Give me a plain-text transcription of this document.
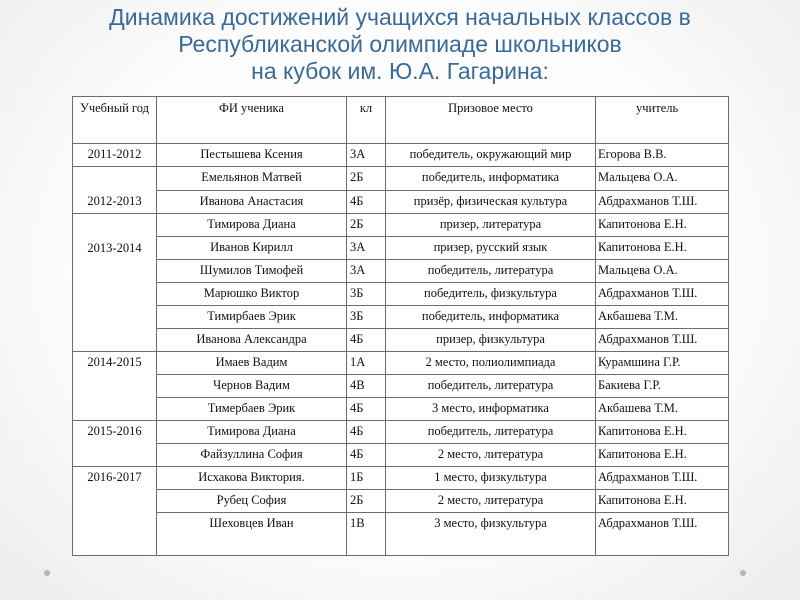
Динамика достижений учащихся начальных классов в
Республиканской олимпиаде школьников
на кубок им. Ю.А. Гагарина:
Учебный год	ФИ ученика	кл	Призовое место	учитель
2011-2012	Пестышева Ксения	3А	победитель, окружающий мир	Егорова В.В.
2012-2013	Емельянов Матвей	2Б	победитель, информатика	Мальцева О.А.
	Иванова Анастасия	4Б	призёр, физическая культура	Абдрахманов Т.Ш.
2013-2014	Тимирова Диана	2Б	призер, литература	Капитонова Е.Н.
	Иванов Кирилл	3А	призер, русский язык	Капитонова Е.Н.
	Шумилов Тимофей	3А	победитель, литература	Мальцева О.А.
	Марюшко Виктор	3Б	победитель, физкультура	Абдрахманов Т.Ш.
	Тимирбаев Эрик	3Б	победитель, информатика	Акбашева Т.М.
	Иванова Александра	4Б	призер, физкультура	Абдрахманов Т.Ш.
2014-2015	Имаев Вадим	1А	2 место, полиолимпиада	Курамшина Г.Р.
	Чернов Вадим	4В	победитель, литература	Бакиева Г.Р.
	Тимербаев Эрик	4Б	3 место, информатика	Акбашева Т.М.
2015-2016	Тимирова Диана	4Б	победитель, литература	Капитонова Е.Н.
	Файзуллина София	4Б	2 место, литература	Капитонова Е.Н.
2016-2017	Исхакова Виктория.	1Б	1 место, физкультура	Абдрахманов Т.Ш.
	Рубец София	2Б	2 место, литература	Капитонова Е.Н.
	Шеховцев Иван	1В	3 место, физкультура	Абдрахманов Т.Ш.
